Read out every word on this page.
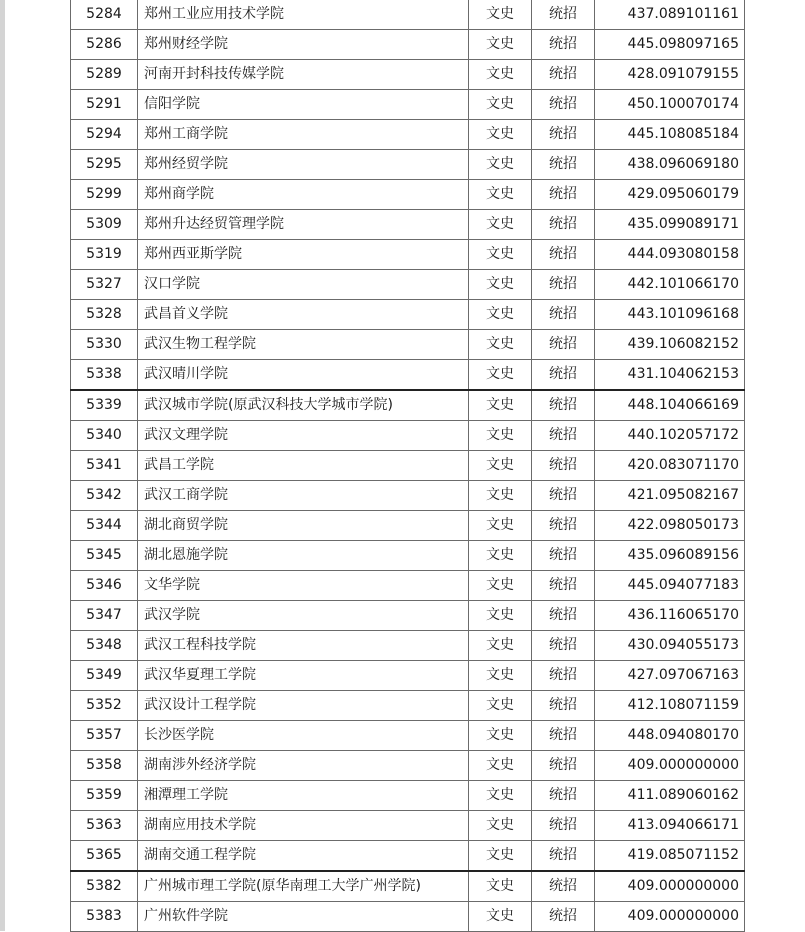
5284	郑州工业应用技术学院	文史	统招	437.089101161
5286	郑州财经学院	文史	统招	445.098097165
5289	河南开封科技传媒学院	文史	统招	428.091079155
5291	信阳学院	文史	统招	450.100070174
5294	郑州工商学院	文史	统招	445.108085184
5295	郑州经贸学院	文史	统招	438.096069180
5299	郑州商学院	文史	统招	429.095060179
5309	郑州升达经贸管理学院	文史	统招	435.099089171
5319	郑州西亚斯学院	文史	统招	444.093080158
5327	汉口学院	文史	统招	442.101066170
5328	武昌首义学院	文史	统招	443.101096168
5330	武汉生物工程学院	文史	统招	439.106082152
5338	武汉晴川学院	文史	统招	431.104062153
5339	武汉城市学院(原武汉科技大学城市学院)	文史	统招	448.104066169
5340	武汉文理学院	文史	统招	440.102057172
5341	武昌工学院	文史	统招	420.083071170
5342	武汉工商学院	文史	统招	421.095082167
5344	湖北商贸学院	文史	统招	422.098050173
5345	湖北恩施学院	文史	统招	435.096089156
5346	文华学院	文史	统招	445.094077183
5347	武汉学院	文史	统招	436.116065170
5348	武汉工程科技学院	文史	统招	430.094055173
5349	武汉华夏理工学院	文史	统招	427.097067163
5352	武汉设计工程学院	文史	统招	412.108071159
5357	长沙医学院	文史	统招	448.094080170
5358	湖南涉外经济学院	文史	统招	409.000000000
5359	湘潭理工学院	文史	统招	411.089060162
5363	湖南应用技术学院	文史	统招	413.094066171
5365	湖南交通工程学院	文史	统招	419.085071152
5382	广州城市理工学院(原华南理工大学广州学院)	文史	统招	409.000000000
5383	广州软件学院	文史	统招	409.000000000
